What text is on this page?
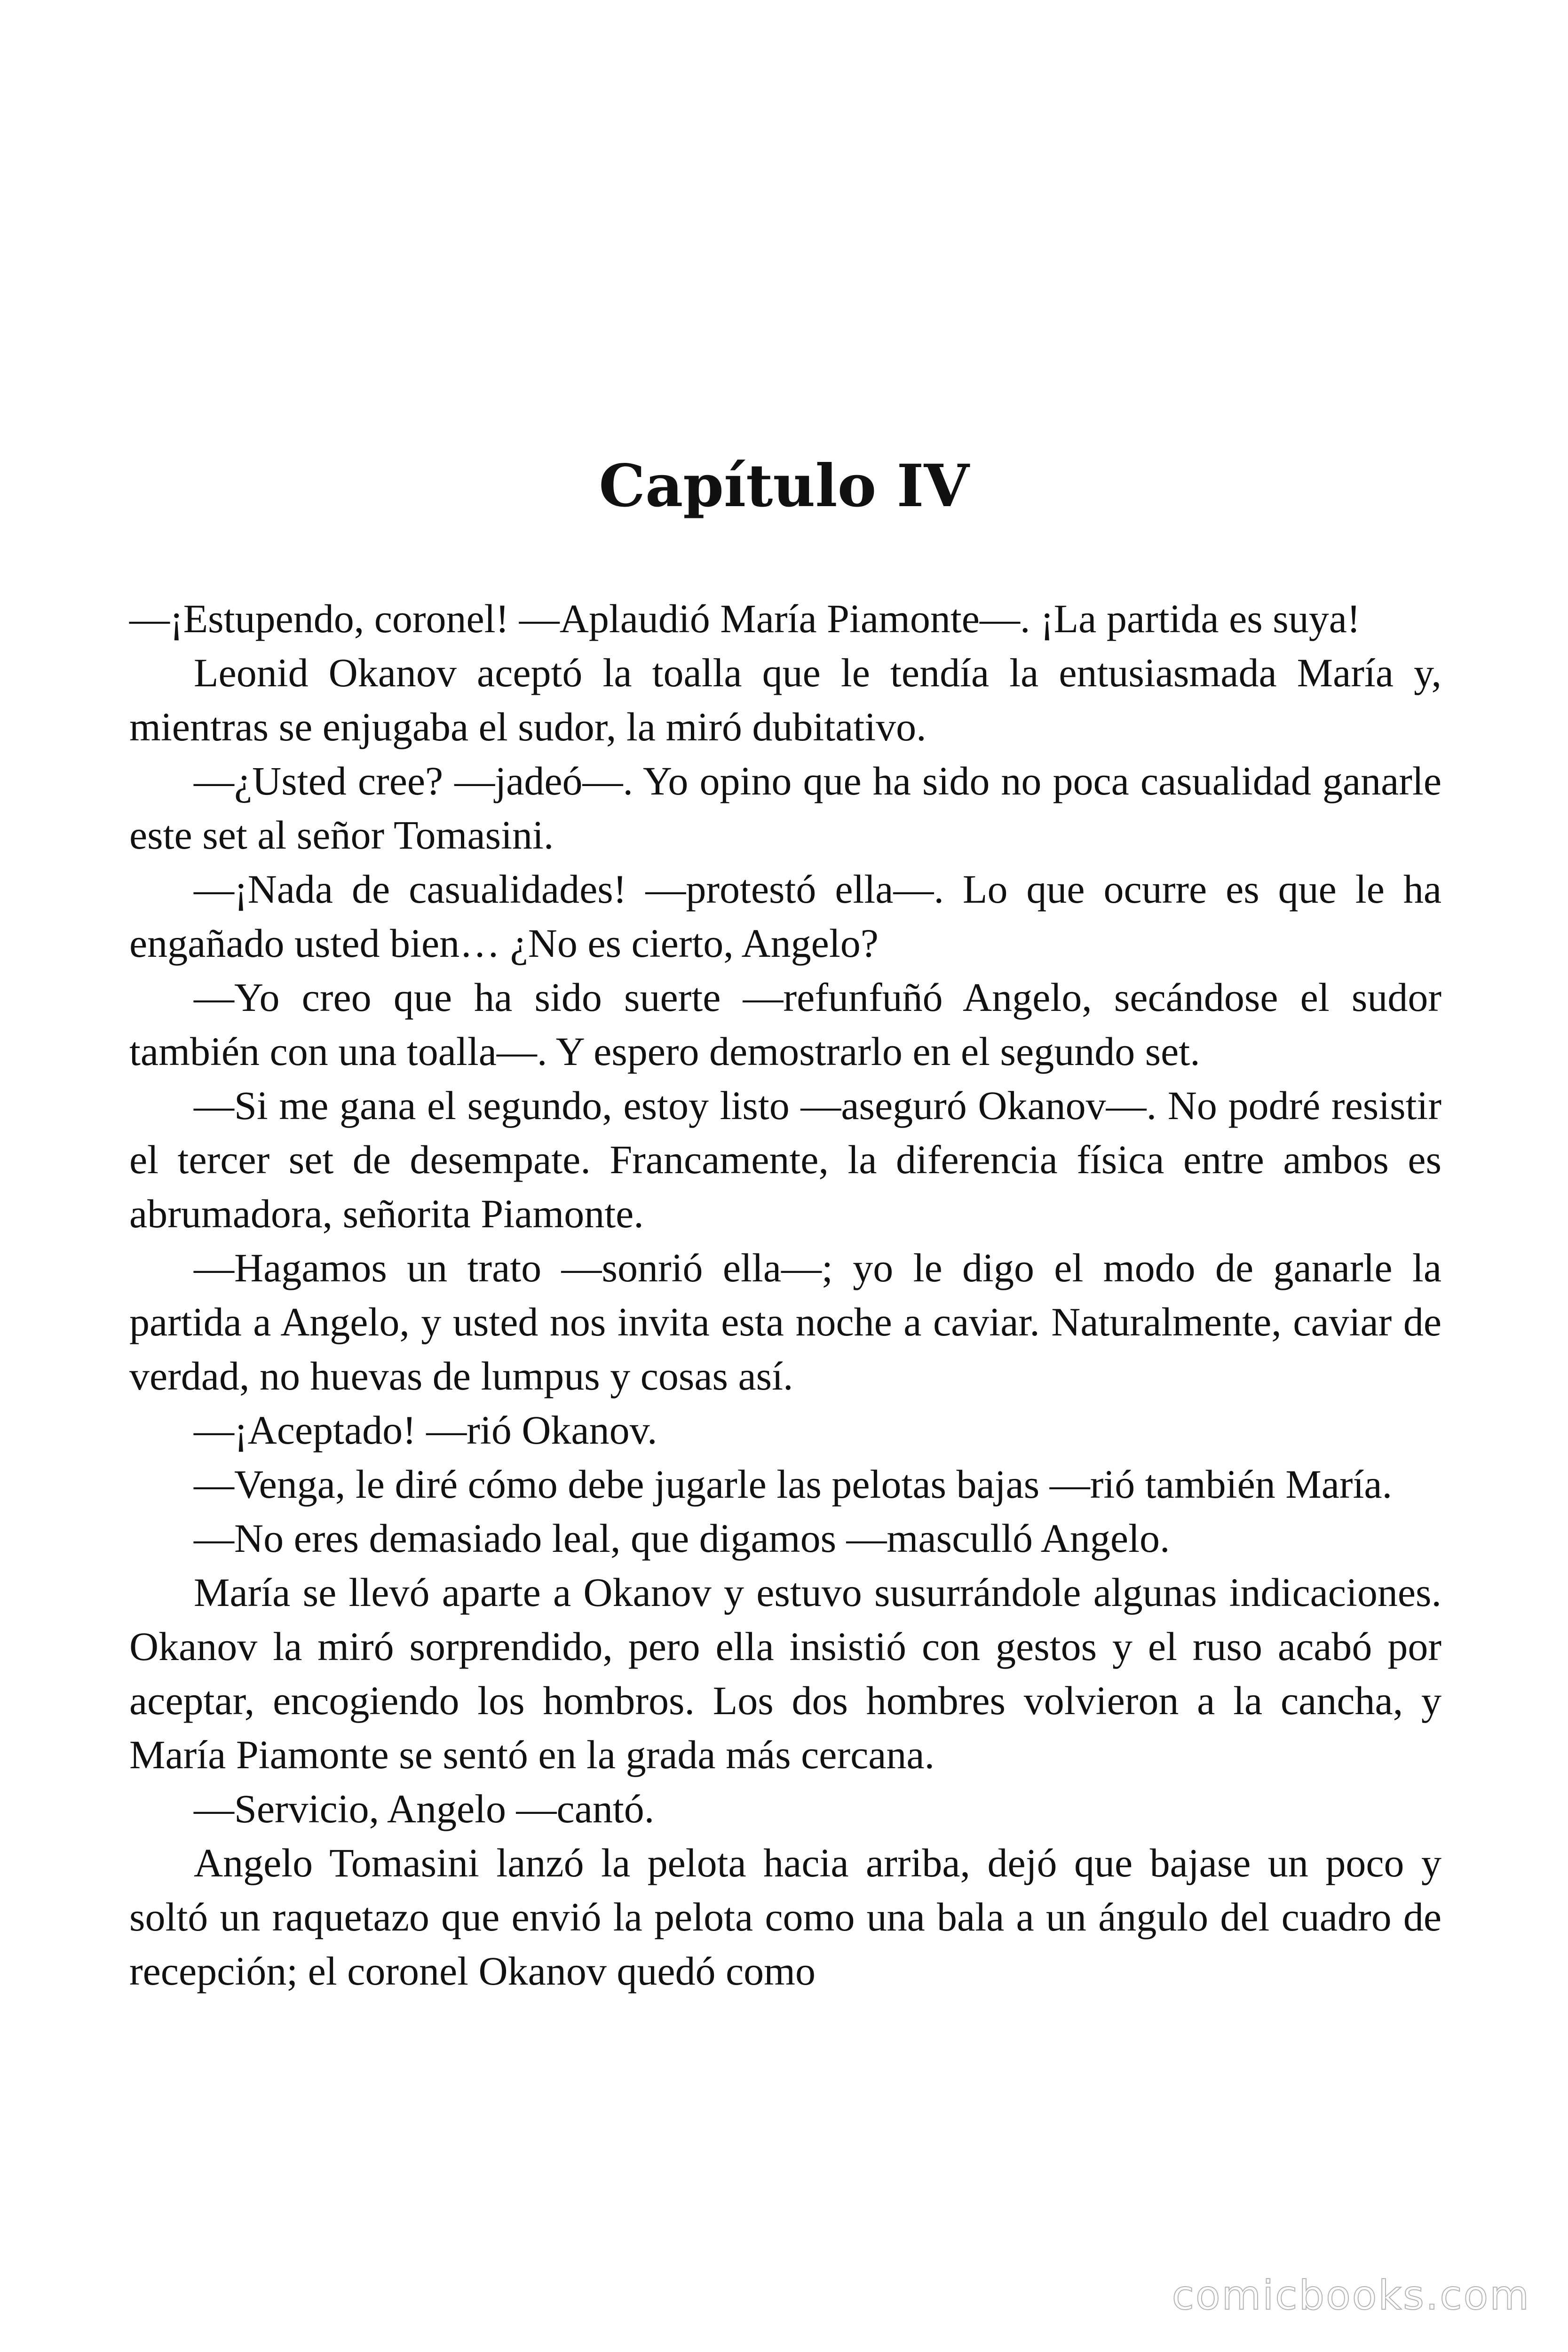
Capítulo IV

—¡Estupendo, coronel! —Aplaudió María Piamonte—. ¡La partida es suya!

Leonid Okanov aceptó la toalla que le tendía la entusiasmada María y, mientras se enjugaba el sudor, la miró dubitativo.

—¿Usted cree? —jadeó—. Yo opino que ha sido no poca casualidad ganarle este set al señor Tomasini.

—¡Nada de casualidades! —protestó ella—. Lo que ocurre es que le ha engañado usted bien… ¿No es cierto, Angelo?

—Yo creo que ha sido suerte —refunfuñó Angelo, secándose el sudor también con una toalla—. Y espero demostrarlo en el segundo set.

—Si me gana el segundo, estoy listo —aseguró Okanov—. No podré resistir el tercer set de desempate. Francamente, la diferencia física entre ambos es abrumadora, señorita Piamonte.

—Hagamos un trato —sonrió ella—; yo le digo el modo de ganarle la partida a Angelo, y usted nos invita esta noche a caviar. Naturalmente, caviar de verdad, no huevas de lumpus y cosas así.

—¡Aceptado! —rió Okanov.

—Venga, le diré cómo debe jugarle las pelotas bajas —rió también María.

—No eres demasiado leal, que digamos —masculló Angelo.

María se llevó aparte a Okanov y estuvo susurrándole algunas indicaciones. Okanov la miró sorprendido, pero ella insistió con gestos y el ruso acabó por aceptar, encogiendo los hombros. Los dos hombres volvieron a la cancha, y María Piamonte se sentó en la grada más cercana.

—Servicio, Angelo —cantó.

Angelo Tomasini lanzó la pelota hacia arriba, dejó que bajase un poco y soltó un raquetazo que envió la pelota como una bala a un ángulo del cuadro de recepción; el coronel Okanov quedó como

comicbooks.com
